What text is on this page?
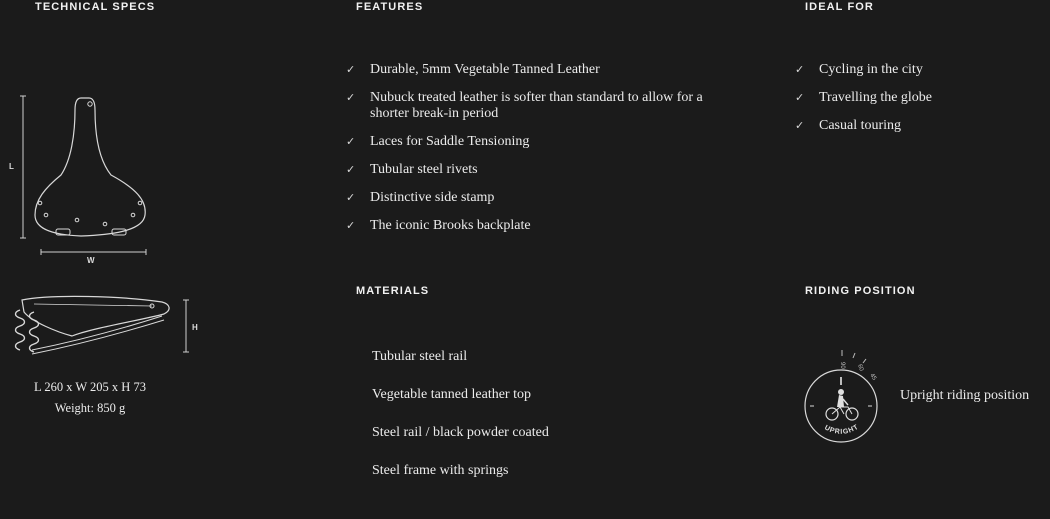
TECHNICAL SPECS
L
W
H
L 260 x W 205 x H 73
Weight: 850 g
FEATURES
✓ Durable, 5mm Vegetable Tanned Leather
✓ Nubuck treated leather is softer than standard to allow for a
shorter break-in period
✓ Laces for Saddle Tensioning
✓ Tubular steel rivets
✓ Distinctive side stamp
✓ The iconic Brooks backplate
IDEAL FOR
✓ Cycling in the city
✓ Travelling the globe
✓ Casual touring
MATERIALS
Tubular steel rail
Vegetable tanned leather top
Steel rail / black powder coated
Steel frame with springs
RIDING POSITION
90 60
45
UPRIGHT
Upright riding position
